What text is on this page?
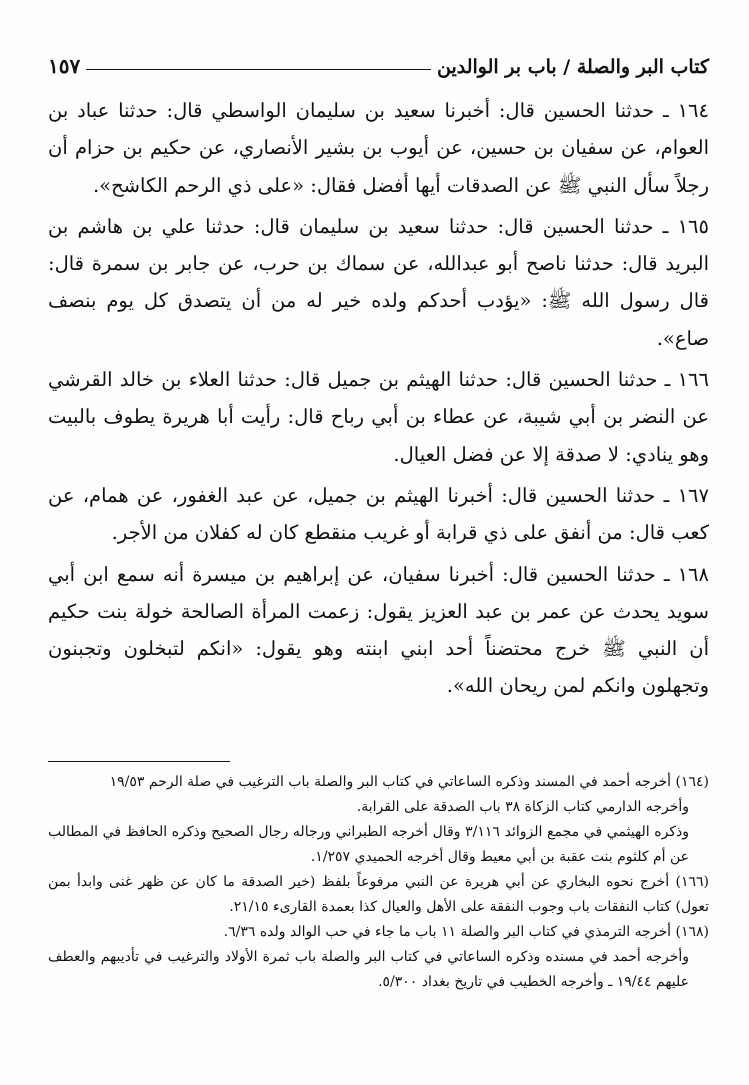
كتاب البر والصلة / باب بر الوالدين
١٥٧

١٦٤ ـ حدثنا الحسين قال: أخبرنا سعيد بن سليمان الواسطي قال: حدثنا عباد بن العوام، عن سفيان بن حسين، عن أيوب بن بشير الأنصاري، عن حكيم بن حزام أن رجلاً سأل النبي ﷺ عن الصدقات أيها أفضل فقال: «على ذي الرحم الكاشح».

١٦٥ ـ حدثنا الحسين قال: حدثنا سعيد بن سليمان قال: حدثنا علي بن هاشم بن البريد قال: حدثنا ناصح أبو عبدالله، عن سماك بن حرب، عن جابر بن سمرة قال: قال رسول الله ﷺ: «يؤدب أحدكم ولده خير له من أن يتصدق كل يوم بنصف صاع».

١٦٦ ـ حدثنا الحسين قال: حدثنا الهيثم بن جميل قال: حدثنا العلاء بن خالد القرشي عن النضر بن أبي شيبة، عن عطاء بن أبي رباح قال: رأيت أبا هريرة يطوف بالبيت وهو ينادي: لا صدقة إلا عن فضل العيال.

١٦٧ ـ حدثنا الحسين قال: أخبرنا الهيثم بن جميل، عن عبد الغفور، عن همام، عن كعب قال: من أنفق على ذي قرابة أو غريب منقطع كان له كفلان من الأجر.

١٦٨ ـ حدثنا الحسين قال: أخبرنا سفيان، عن إبراهيم بن ميسرة أنه سمع ابن أبي سويد يحدث عن عمر بن عبد العزيز يقول: زعمت المرأة الصالحة خولة بنت حكيم أن النبي ﷺ خرج محتضناً أحد ابني ابنته وهو يقول: «انكم لتبخلون وتجبنون وتجهلون وانكم لمن ريحان الله».

(١٦٤) أخرجه أحمد في المسند وذكره الساعاتي في كتاب البر والصلة باب الترغيب في صلة الرحم ١٩/٥٣

وأخرجه الدارمي كتاب الزكاة ٣٨ باب الصدقة على القرابة.

وذكره الهيثمي في مجمع الزوائد ٣/١١٦ وقال أخرجه الطبراني ورجاله رجال الصحيح وذكره الحافظ في المطالب عن أم كلثوم بنت عقبة بن أبي معيط وقال أخرجه الحميدي ١/٢٥٧.

(١٦٦) أخرج نحوه البخاري عن أبي هريرة عن النبي مرفوعاً بلفظ (خير الصدقة ما كان عن ظهر غنى وابدأ بمن تعول) كتاب النفقات باب وجوب النفقة على الأهل والعيال كذا بعمدة القارىء ٢١/١٥.

(١٦٨) أخرجه الترمذي في كتاب البر والصلة ١١ باب ما جاء في حب الوالد ولده ٦/٣٦.

وأخرجه أحمد في مسنده وذكره الساعاتي في كتاب البر والصلة باب ثمرة الأولاد والترغيب في تأديبهم والعطف عليهم ١٩/٤٤ ـ وأخرجه الخطيب في تاريخ بغداد ٥/٣٠٠.
